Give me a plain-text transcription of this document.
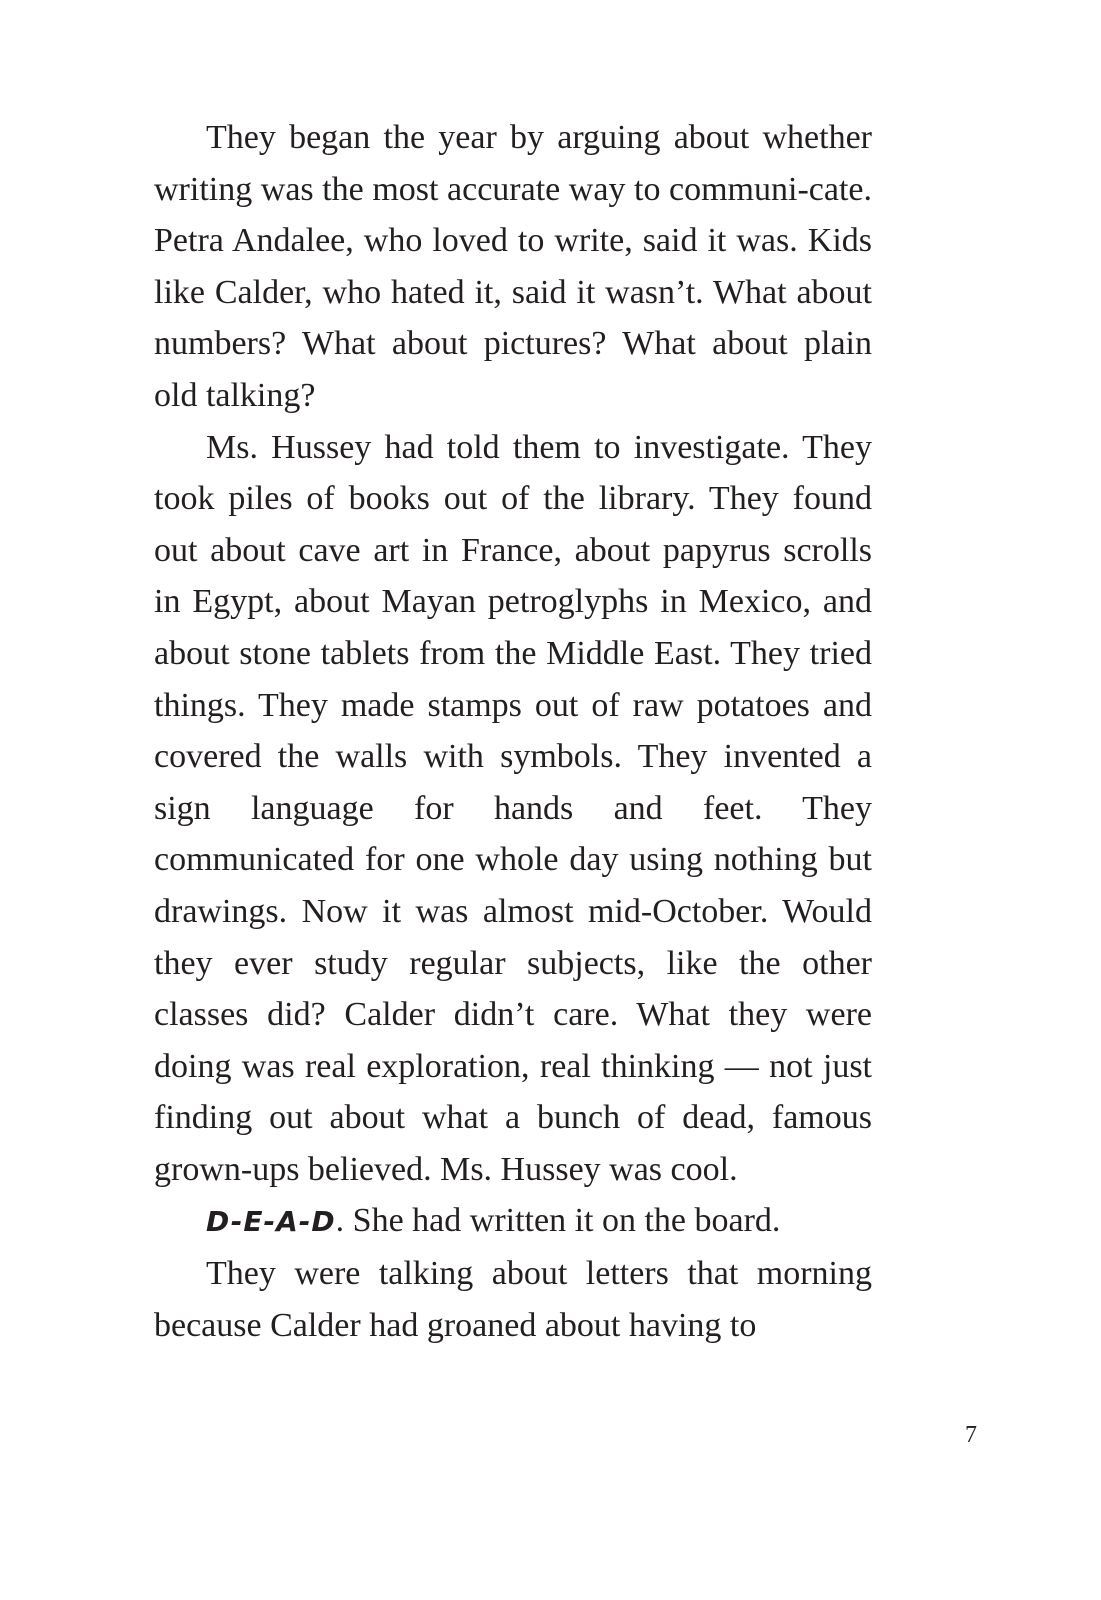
They began the year by arguing about whether writing was the most accurate way to communi-cate. Petra Andalee, who loved to write, said it was. Kids like Calder, who hated it, said it wasn’t. What about numbers? What about pictures? What about plain old talking?

Ms. Hussey had told them to investigate. They took piles of books out of the library. They found out about cave art in France, about papyrus scrolls in Egypt, about Mayan petroglyphs in Mexico, and about stone tablets from the Middle East. They tried things. They made stamps out of raw potatoes and covered the walls with symbols. They invented a sign language for hands and feet. They communicated for one whole day using nothing but drawings. Now it was almost mid-October. Would they ever study regular subjects, like the other classes did? Calder didn’t care. What they were doing was real exploration, real thinking — not just finding out about what a bunch of dead, famous grown-ups believed. Ms. Hussey was cool.

D-E-A-D. She had written it on the board.

They were talking about letters that morning because Calder had groaned about having to

7
